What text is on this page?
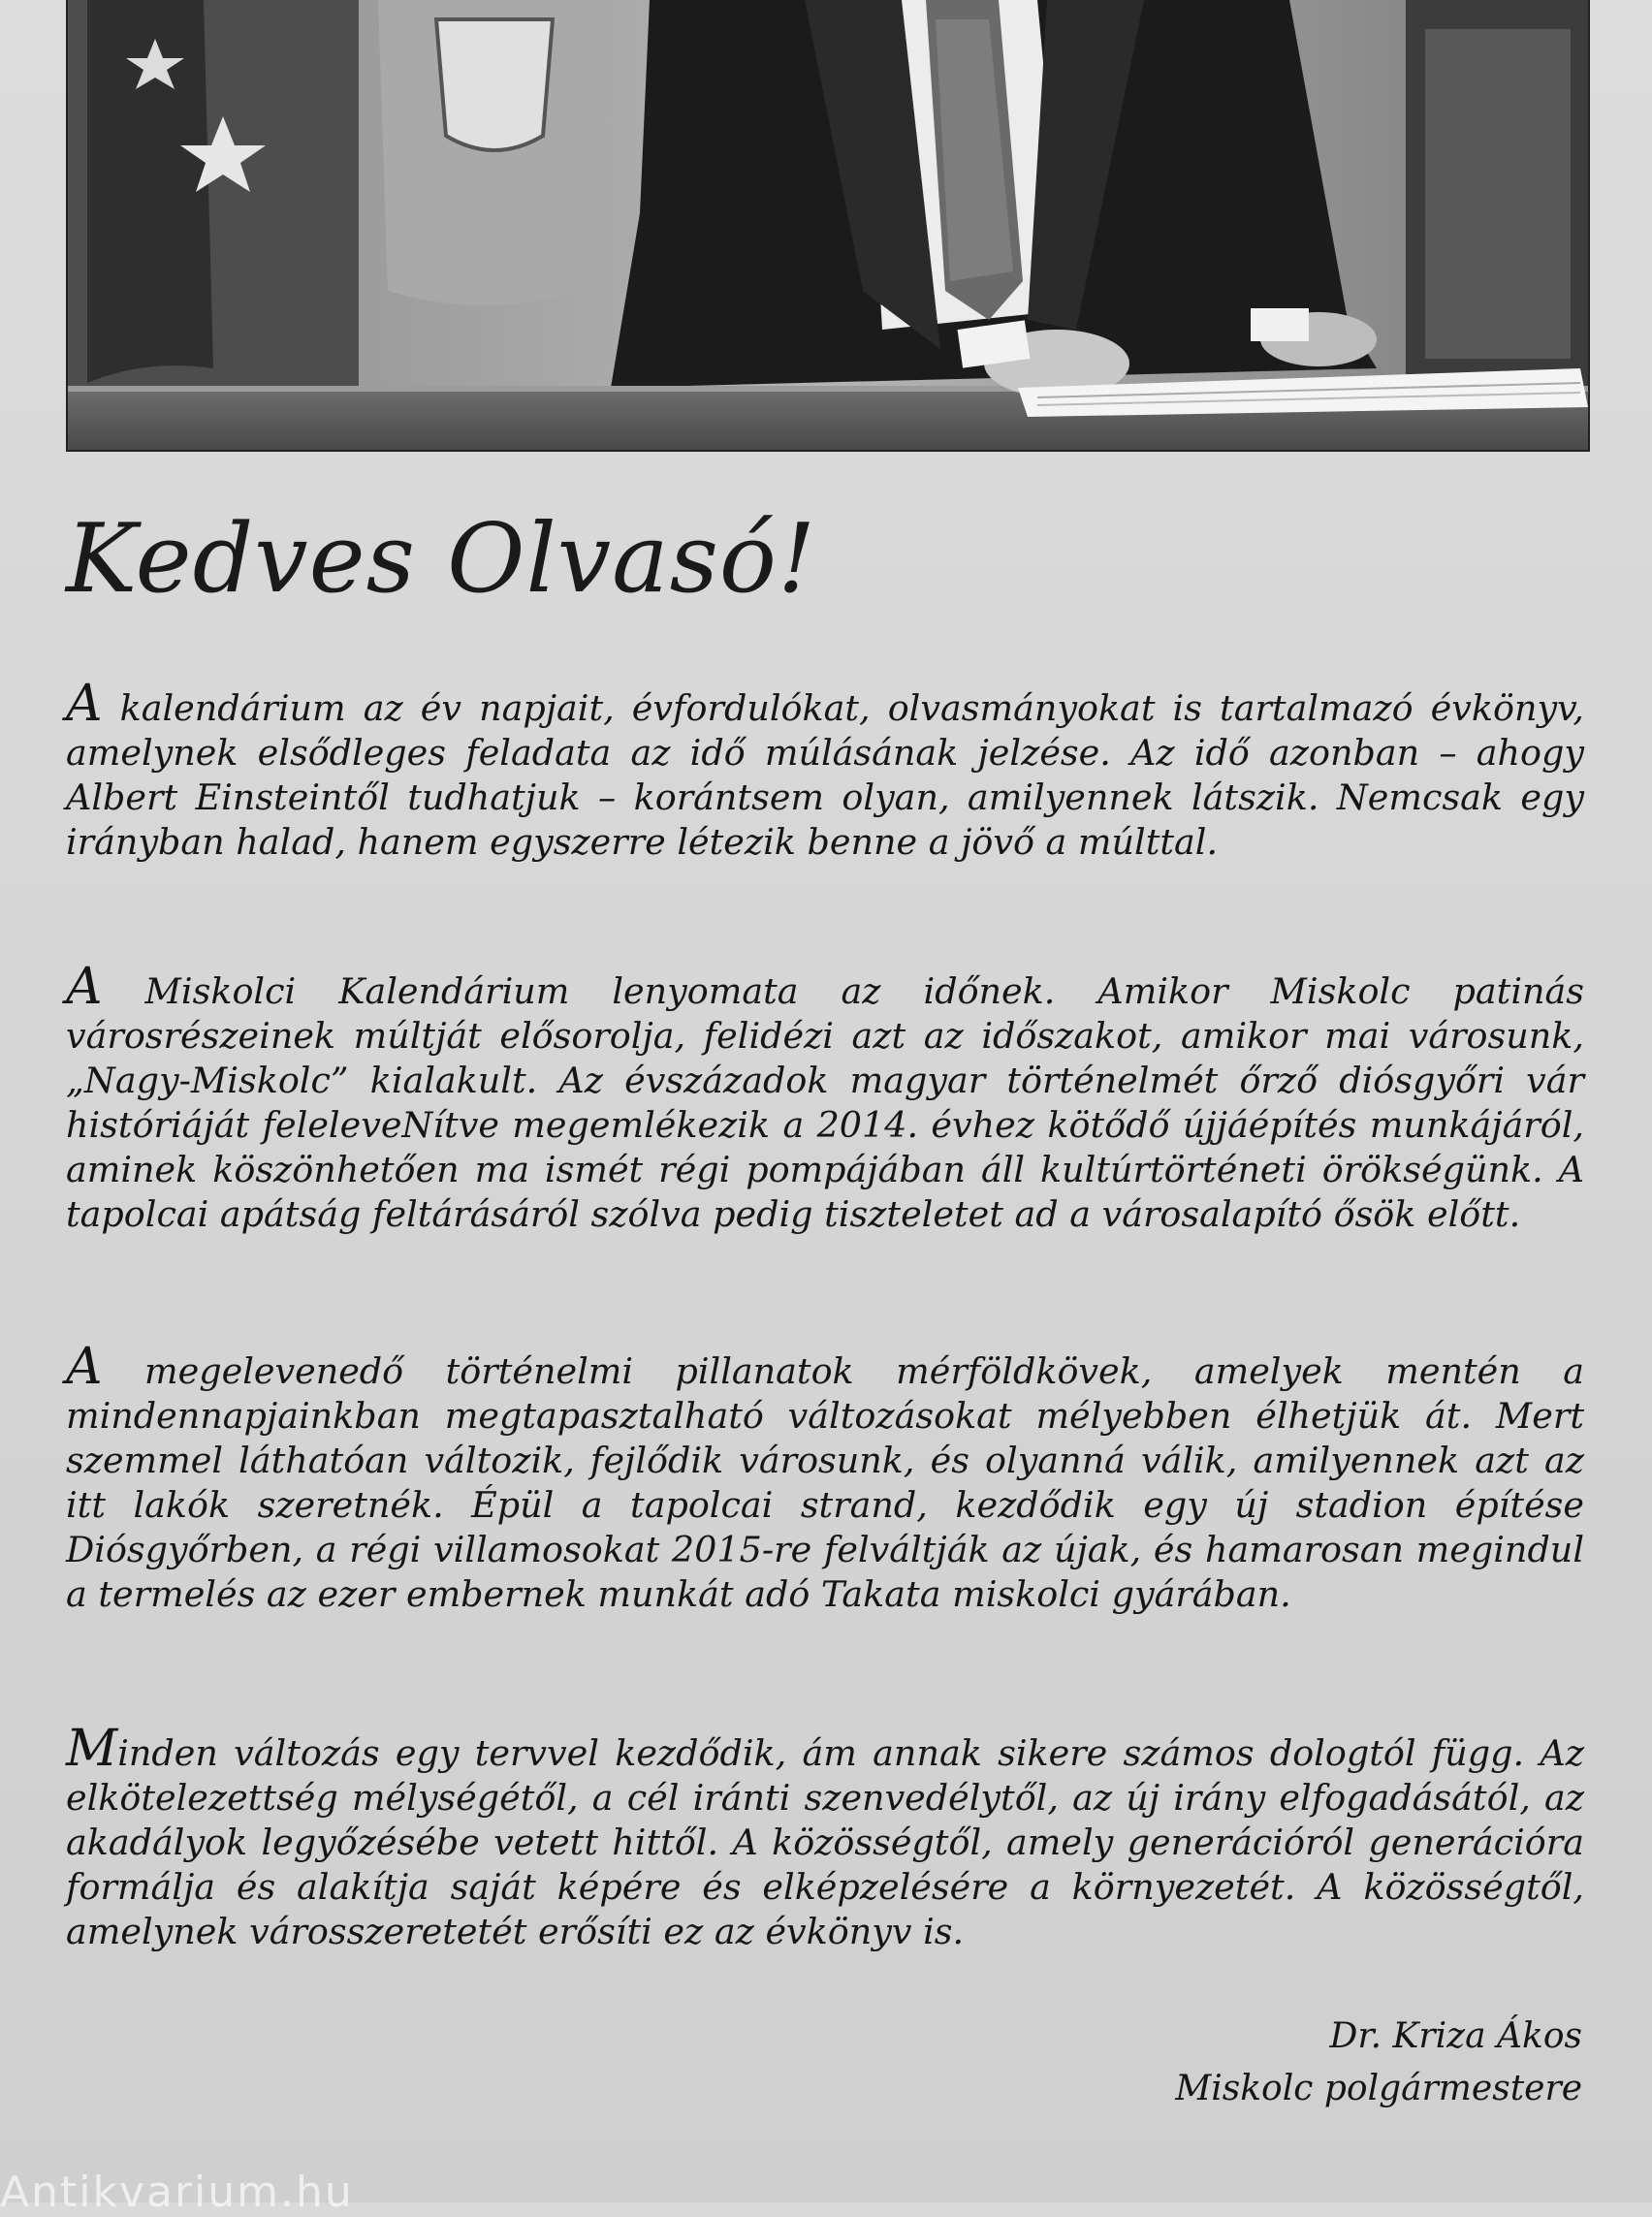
Kedves Olvasó!

A kalendárium az év napjait, évfordulókat, olvasmányokat is tartalmazó évkönyv, amelynek elsődleges feladata az idő múlásának jelzése. Az idő azonban – ahogy Albert Einsteintől tudhatjuk – korántsem olyan, amilyennek látszik. Nemcsak egy irányban halad, hanem egyszerre létezik benne a jövő a múlttal.

A Miskolci Kalendárium lenyomata az időnek. Amikor Miskolc patinás városrészeinek múltját elősorolja, felidézi azt az időszakot, amikor mai városunk, „Nagy-Miskolc” kialakult. Az évszázadok magyar történelmét őrző diósgyőri vár históriáját feleleveNítve megemlékezik a 2014. évhez kötődő újjáépítés munkájáról, aminek köszönhetően ma ismét régi pompájában áll kultúrtörténeti örökségünk. A tapolcai apátság feltárásáról szólva pedig tiszteletet ad a városalapító ősök előtt.

A megelevenedő történelmi pillanatok mérföldkövek, amelyek mentén a mindennapjainkban megtapasztalható változásokat mélyebben élhetjük át. Mert szemmel láthatóan változik, fejlődik városunk, és olyanná válik, amilyennek azt az itt lakók szeretnék. Épül a tapolcai strand, kezdődik egy új stadion építése Diósgyőrben, a régi villamosokat 2015-re felváltják az újak, és hamarosan megindul a termelés az ezer embernek munkát adó Takata miskolci gyárában.

Minden változás egy tervvel kezdődik, ám annak sikere számos dologtól függ. Az elkötelezettség mélységétől, a cél iránti szenvedélytől, az új irány elfogadásától, az akadályok legyőzésébe vetett hittől. A közösségtől, amely generációról generációra formálja és alakítja saját képére és elképzelésére a környezetét. A közösségtől, amelynek városszeretetét erősíti ez az évkönyv is.

Dr. Kriza Ákos
Miskolc polgármestere
Antikvarium.hu
